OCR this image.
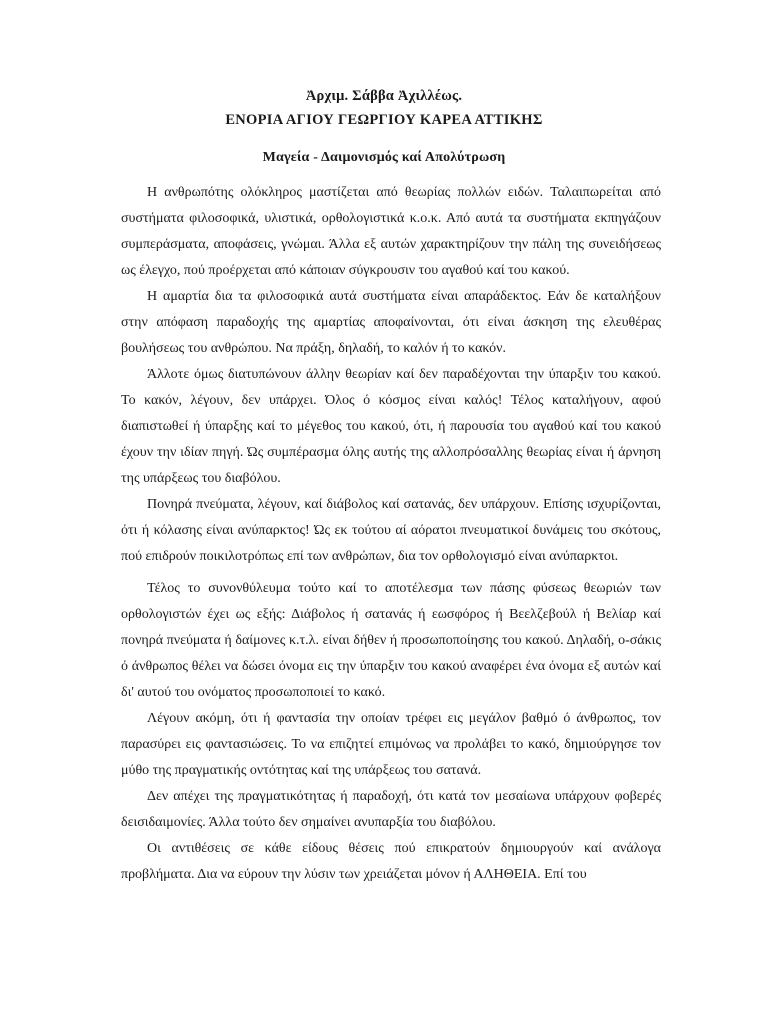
Ἀρχιμ. Σάββα Ἀχιλλέως.
ΕΝΟΡΙΑ ΑΓΙΟΥ ΓΕΩΡΓΙΟΥ ΚΑΡΕΑ ΑΤΤΙΚΗΣ
Μαγεία - Δαιμονισμός καί Απολύτρωση

Η ανθρωπότης ολόκληρος μαστίζεται από θεωρίας πολλών ειδών. Ταλαιπωρείται από συστήματα φιλοσοφικά, υλιστικά, ορθολογιστικά κ.ο.κ. Από αυτά τα συστήματα εκπηγάζουν συμπεράσματα, αποφάσεις, γνώμαι. Άλλα εξ αυτών χαρακτηρίζουν την πάλη της συνειδήσεως ως έλεγχο, πού προέρχεται από κάποιαν σύγκρουσιν του αγαθού καί του κακού.

Η αμαρτία δια τα φιλοσοφικά αυτά συστήματα είναι απαράδεκτος. Εάν δε καταλήξουν στην απόφαση παραδοχής της αμαρτίας αποφαίνονται, ότι είναι άσκηση της ελευθέρας βουλήσεως του ανθρώπου. Να πράξη, δηλαδή, το καλόν ή το κακόν.

Άλλοτε όμως διατυπώνουν άλλην θεωρίαν καί δεν παραδέχονται την ύπαρξιν του κακού. Το κακόν, λέγουν, δεν υπάρχει. Όλος ό κόσμος είναι καλός! Τέλος καταλήγουν, αφού διαπιστωθεί ή ύπαρξης καί το μέγεθος του κακού, ότι, ή παρουσία του αγαθού καί του κακού έχουν την ιδίαν πηγή. Ώς συμπέρασμα όλης αυτής της αλλοπρόσαλλης θεωρίας είναι ή άρνηση της υπάρξεως του διαβόλου.

Πονηρά πνεύματα, λέγουν, καί διάβολος καί σατανάς, δεν υπάρχουν. Επίσης ισχυρίζονται, ότι ή κόλασης είναι ανύπαρκτος! Ώς εκ τούτου αί αόρατοι πνευματικοί δυνάμεις του σκότους, πού επιδρούν ποικιλοτρόπως επί των ανθρώπων, δια τον ορθολογισμό είναι ανύπαρκτοι.

Τέλος το συνονθύλευμα τούτο καί το αποτέλεσμα των πάσης φύσεως θεωριών των ορθολογιστών έχει ως εξής: Διάβολος ή σατανάς ή εωσφόρος ή Βεελζεβούλ ή Βελίαρ καί πονηρά πνεύματα ή δαίμονες κ.τ.λ. είναι δήθεν ή προσωποποίησης του κακού. Δηλαδή, ο-σάκις ό άνθρωπος θέλει να δώσει όνομα εις την ύπαρξιν του κακού αναφέρει ένα όνομα εξ αυτών καί δι' αυτού του ονόματος προσωποποιεί το κακό.

Λέγουν ακόμη, ότι ή φαντασία την οποίαν τρέφει εις μεγάλον βαθμό ό άνθρωπος, τον παρασύρει εις φαντασιώσεις. Το να επιζητεί επιμόνως να προλάβει το κακό, δημιούργησε τον μύθο της πραγματικής οντότητας καί της υπάρξεως του σατανά.

Δεν απέχει της πραγματικότητας ή παραδοχή, ότι κατά τον μεσαίωνα υπάρχουν φοβερές δεισιδαιμονίες. Άλλα τούτο δεν σημαίνει ανυπαρξία του διαβόλου.

Οι αντιθέσεις σε κάθε είδους θέσεις πού επικρατούν δημιουργούν καί ανάλογα προβλήματα. Δια να εύρουν την λύσιν των χρειάζεται μόνον ή ΑΛΗΘΕΙΑ. Επί του
